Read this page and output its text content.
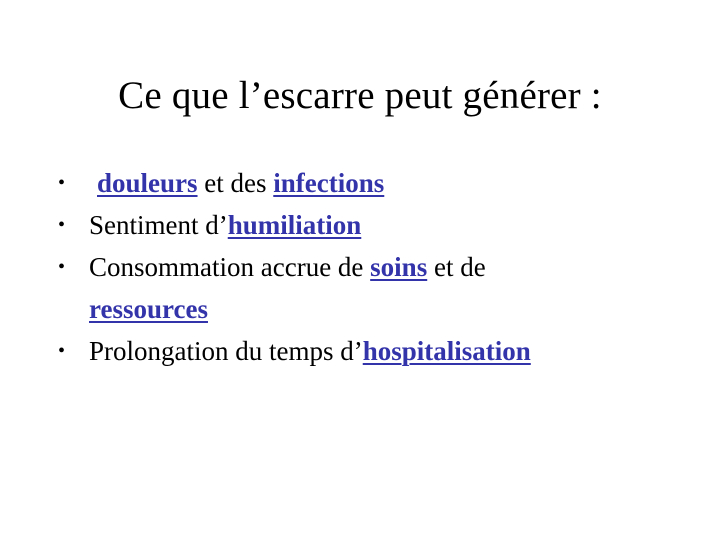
Ce que l’escarre peut générer :
• douleurs et des infections
• Sentiment d’humiliation
• Consommation accrue de soins et de
ressources
• Prolongation du temps d’hospitalisation
